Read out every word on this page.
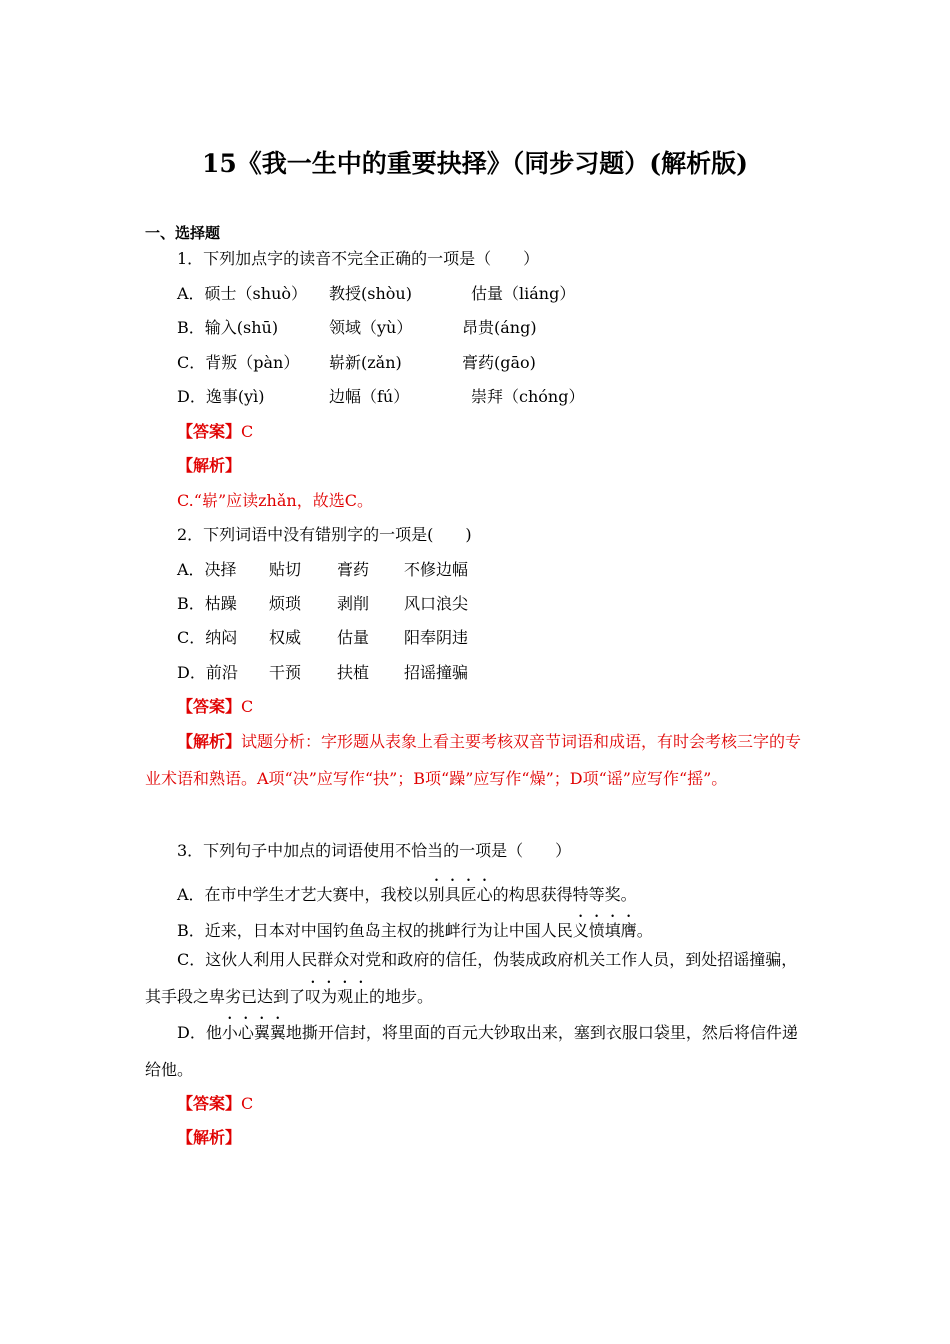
15《我一生中的重要抉择》（同步习题）(解析版)
一、选择题
1．下列加点字的读音不完全正确的一项是（　　）
A．硕士（shuò） 教授(shòu)	估量（liáng）
B．输入(shū)	领域（yù）	昂贵(áng)
C．背叛（pàn） 崭新(zǎn)	膏药(gāo)
D．逸事(yì)	边幅（fú）	崇拜（chóng）
【答案】C
【解析】
C.“崭”应读zhǎn，故选C。
2．下列词语中没有错别字的一项是(　　)
A．决择 贴切 膏药 不修边幅
B．枯躁 烦琐 剥削 风口浪尖
C．纳闷 权威 估量 阳奉阴违
D．前沿 干预 扶植 招谣撞骗
【答案】C
【解析】试题分析：字形题从表象上看主要考核双音节词语和成语，有时会考核三字的专业术语和熟语。A项“决”应写作“抉”；B项“躁”应写作“燥”；D项“谣”应写作“摇”。
3．下列句子中加点的词语使用不恰当的一项是（　　）
A．在市中学生才艺大赛中，我校以别具匠心的构思获得特等奖。
B．近来，日本对中国钓鱼岛主权的挑衅行为让中国人民义愤填膺。
C．这伙人利用人民群众对党和政府的信任，伪装成政府机关工作人员，到处招谣撞骗，其手段之卑劣已达到了叹为观止的地步。
D．他小心翼翼地撕开信封，将里面的百元大钞取出来，塞到衣服口袋里，然后将信件递给他。
【答案】C
【解析】
